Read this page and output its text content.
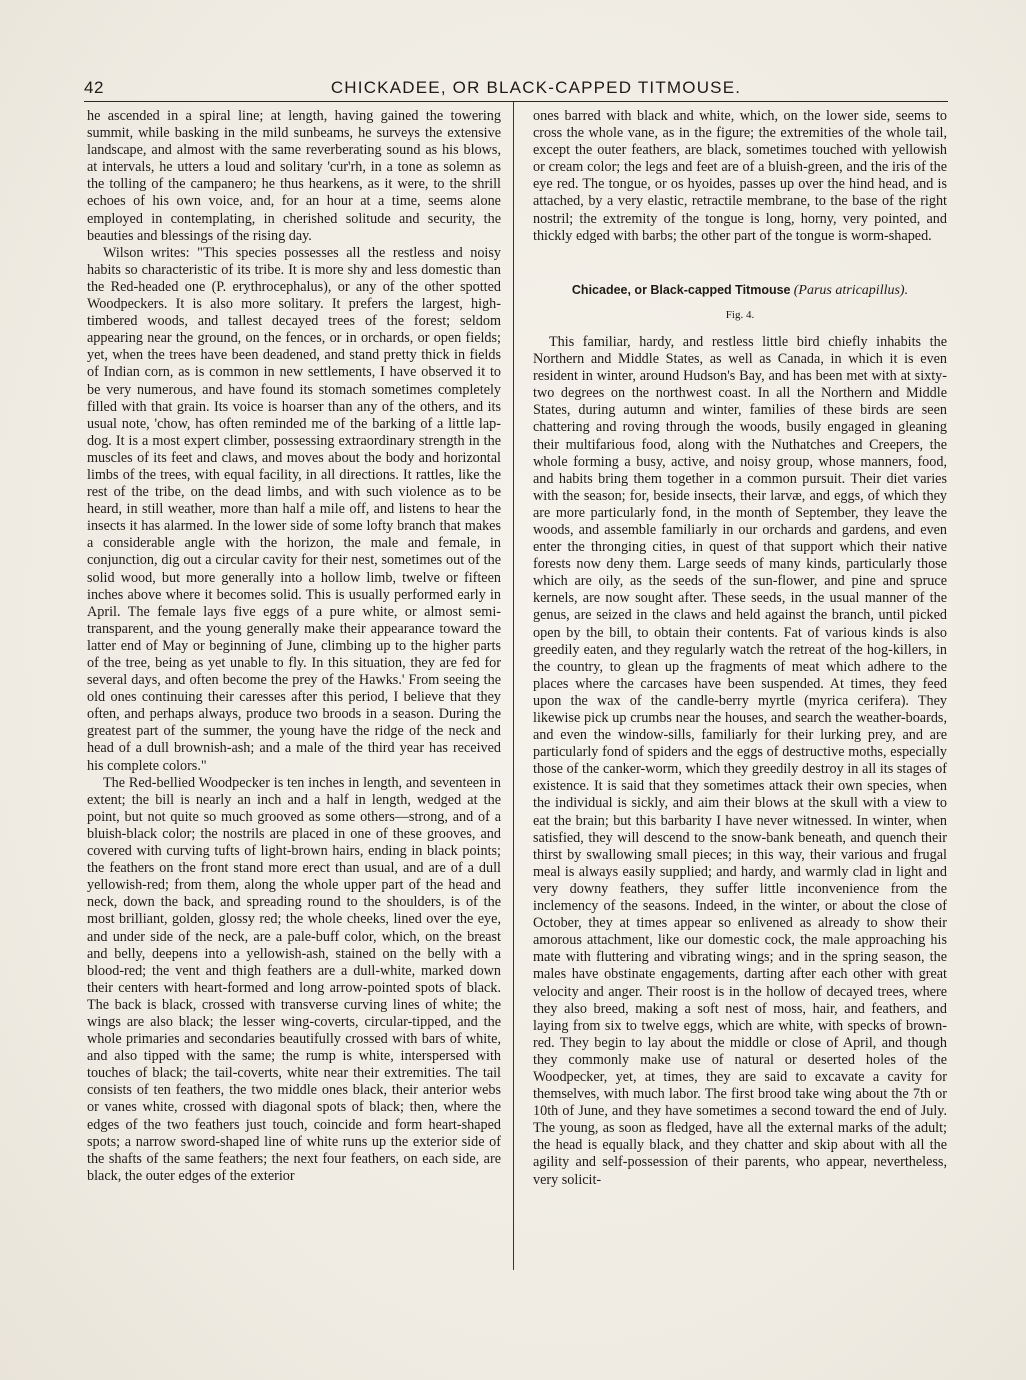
42	CHICKADEE, OR BLACK-CAPPED TITMOUSE.

he ascended in a spiral line; at length, having gained the towering summit, while basking in the mild sunbeams, he surveys the extensive landscape, and almost with the same reverberating sound as his blows, at intervals, he utters a loud and solitary 'cur'rh, in a tone as solemn as the tolling of the campanero; he thus hearkens, as it were, to the shrill echoes of his own voice, and, for an hour at a time, seems alone employed in contemplating, in cherished solitude and security, the beauties and blessings of the rising day.

Wilson writes: "This species possesses all the restless and noisy habits so characteristic of its tribe. It is more shy and less domestic than the Red-headed one (P. erythrocephalus), or any of the other spotted Woodpeckers. It is also more solitary. It prefers the largest, high-timbered woods, and tallest decayed trees of the forest; seldom appearing near the ground, on the fences, or in orchards, or open fields; yet, when the trees have been deadened, and stand pretty thick in fields of Indian corn, as is common in new settlements, I have observed it to be very numerous, and have found its stomach sometimes completely filled with that grain. Its voice is hoarser than any of the others, and its usual note, 'chow, has often reminded me of the barking of a little lap-dog. It is a most expert climber, possessing extraordinary strength in the muscles of its feet and claws, and moves about the body and horizontal limbs of the trees, with equal facility, in all directions. It rattles, like the rest of the tribe, on the dead limbs, and with such violence as to be heard, in still weather, more than half a mile off, and listens to hear the insects it has alarmed. In the lower side of some lofty branch that makes a considerable angle with the horizon, the male and female, in conjunction, dig out a circular cavity for their nest, sometimes out of the solid wood, but more generally into a hollow limb, twelve or fifteen inches above where it becomes solid. This is usually performed early in April. The female lays five eggs of a pure white, or almost semi-transparent, and the young generally make their appearance toward the latter end of May or beginning of June, climbing up to the higher parts of the tree, being as yet unable to fly. In this situation, they are fed for several days, and often become the prey of the Hawks.' From seeing the old ones continuing their caresses after this period, I believe that they often, and perhaps always, produce two broods in a season. During the greatest part of the summer, the young have the ridge of the neck and head of a dull brownish-ash; and a male of the third year has received his complete colors."

The Red-bellied Woodpecker is ten inches in length, and seventeen in extent; the bill is nearly an inch and a half in length, wedged at the point, but not quite so much grooved as some others—strong, and of a bluish-black color; the nostrils are placed in one of these grooves, and covered with curving tufts of light-brown hairs, ending in black points; the feathers on the front stand more erect than usual, and are of a dull yellowish-red; from them, along the whole upper part of the head and neck, down the back, and spreading round to the shoulders, is of the most brilliant, golden, glossy red; the whole cheeks, lined over the eye, and under side of the neck, are a pale-buff color, which, on the breast and belly, deepens into a yellowish-ash, stained on the belly with a blood-red; the vent and thigh feathers are a dull-white, marked down their centers with heart-formed and long arrow-pointed spots of black. The back is black, crossed with transverse curving lines of white; the wings are also black; the lesser wing-coverts, circular-tipped, and the whole primaries and secondaries beautifully crossed with bars of white, and also tipped with the same; the rump is white, interspersed with touches of black; the tail-coverts, white near their extremities. The tail consists of ten feathers, the two middle ones black, their anterior webs or vanes white, crossed with diagonal spots of black; then, where the edges of the two feathers just touch, coincide and form heart-shaped spots; a narrow sword-shaped line of white runs up the exterior side of the shafts of the same feathers; the next four feathers, on each side, are black, the outer edges of the exterior

ones barred with black and white, which, on the lower side, seems to cross the whole vane, as in the figure; the extremities of the whole tail, except the outer feathers, are black, sometimes touched with yellowish or cream color; the legs and feet are of a bluish-green, and the iris of the eye red. The tongue, or os hyoides, passes up over the hind head, and is attached, by a very elastic, retractile membrane, to the base of the right nostril; the extremity of the tongue is long, horny, very pointed, and thickly edged with barbs; the other part of the tongue is worm-shaped.

Chicadee, or Black-capped Titmouse (Parus atricapillus).
Fig. 4.

This familiar, hardy, and restless little bird chiefly inhabits the Northern and Middle States, as well as Canada, in which it is even resident in winter, around Hudson's Bay, and has been met with at sixty-two degrees on the northwest coast. In all the Northern and Middle States, during autumn and winter, families of these birds are seen chattering and roving through the woods, busily engaged in gleaning their multifarious food, along with the Nuthatches and Creepers, the whole forming a busy, active, and noisy group, whose manners, food, and habits bring them together in a common pursuit. Their diet varies with the season; for, beside insects, their larvæ, and eggs, of which they are more particularly fond, in the month of September, they leave the woods, and assemble familiarly in our orchards and gardens, and even enter the thronging cities, in quest of that support which their native forests now deny them. Large seeds of many kinds, particularly those which are oily, as the seeds of the sun-flower, and pine and spruce kernels, are now sought after. These seeds, in the usual manner of the genus, are seized in the claws and held against the branch, until picked open by the bill, to obtain their contents. Fat of various kinds is also greedily eaten, and they regularly watch the retreat of the hog-killers, in the country, to glean up the fragments of meat which adhere to the places where the carcases have been suspended. At times, they feed upon the wax of the candle-berry myrtle (myrica cerifera). They likewise pick up crumbs near the houses, and search the weather-boards, and even the window-sills, familiarly for their lurking prey, and are particularly fond of spiders and the eggs of destructive moths, especially those of the canker-worm, which they greedily destroy in all its stages of existence. It is said that they sometimes attack their own species, when the individual is sickly, and aim their blows at the skull with a view to eat the brain; but this barbarity I have never witnessed. In winter, when satisfied, they will descend to the snow-bank beneath, and quench their thirst by swallowing small pieces; in this way, their various and frugal meal is always easily supplied; and hardy, and warmly clad in light and very downy feathers, they suffer little inconvenience from the inclemency of the seasons. Indeed, in the winter, or about the close of October, they at times appear so enlivened as already to show their amorous attachment, like our domestic cock, the male approaching his mate with fluttering and vibrating wings; and in the spring season, the males have obstinate engagements, darting after each other with great velocity and anger. Their roost is in the hollow of decayed trees, where they also breed, making a soft nest of moss, hair, and feathers, and laying from six to twelve eggs, which are white, with specks of brown-red. They begin to lay about the middle or close of April, and though they commonly make use of natural or deserted holes of the Woodpecker, yet, at times, they are said to excavate a cavity for themselves, with much labor. The first brood take wing about the 7th or 10th of June, and they have sometimes a second toward the end of July. The young, as soon as fledged, have all the external marks of the adult; the head is equally black, and they chatter and skip about with all the agility and self-possession of their parents, who appear, nevertheless, very solicit-
